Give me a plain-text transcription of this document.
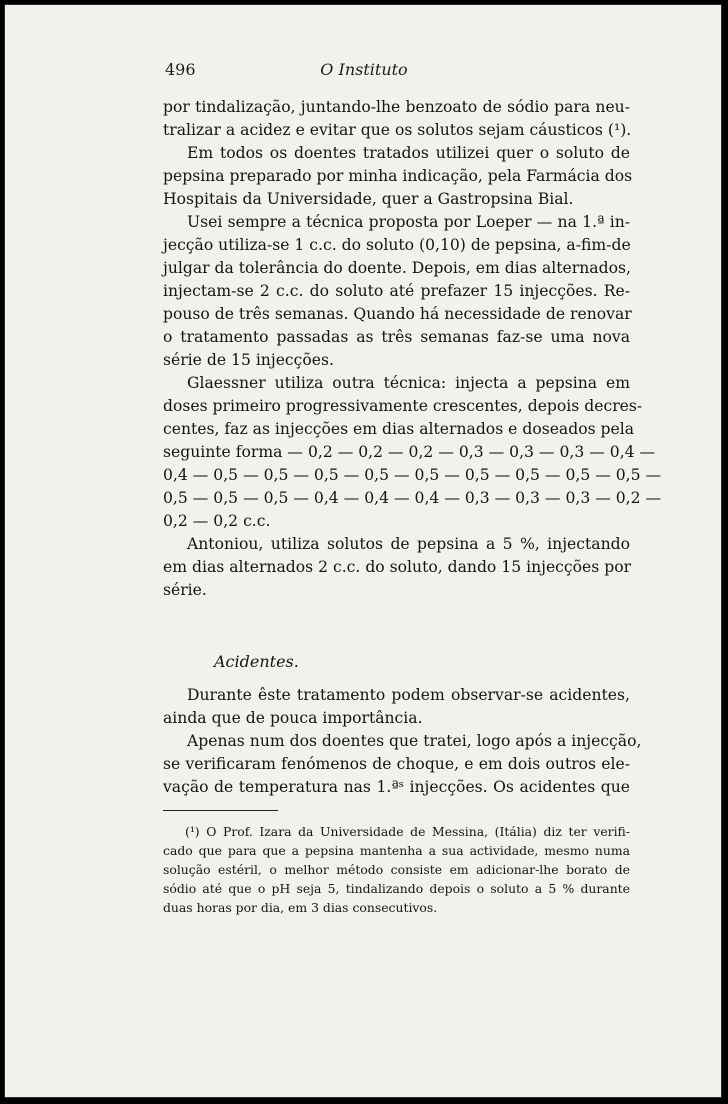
496	O Instituto
por tindalização, juntando-lhe benzoato de sódio para neu-
tralizar a acidez e evitar que os solutos sejam cáusticos (¹).
Em todos os doentes tratados utilizei quer o soluto de
pepsina preparado por minha indicação, pela Farmácia dos
Hospitais da Universidade, quer a Gastropsina Bial.
Usei sempre a técnica proposta por Loeper — na 1.ª in-
jecção utiliza-se 1 c.c. do soluto (0,10) de pepsina, a-fim-de
julgar da tolerância do doente. Depois, em dias alternados,
injectam-se 2 c.c. do soluto até prefazer 15 injecções. Re-
pouso de três semanas. Quando há necessidade de renovar
o tratamento passadas as três semanas faz-se uma nova
série de 15 injecções.
Glaessner utiliza outra técnica: injecta a pepsina em
doses primeiro progressivamente crescentes, depois decres-
centes, faz as injecções em dias alternados e doseados pela
seguinte forma — 0,2 — 0,2 — 0,2 — 0,3 — 0,3 — 0,3 — 0,4 —
0,4 — 0,5 — 0,5 — 0,5 — 0,5 — 0,5 — 0,5 — 0,5 — 0,5 — 0,5 —
0,5 — 0,5 — 0,5 — 0,4 — 0,4 — 0,4 — 0,3 — 0,3 — 0,3 — 0,2 —
0,2 — 0,2 c.c.
Antoniou, utiliza solutos de pepsina a 5 %, injectando
em dias alternados 2 c.c. do soluto, dando 15 injecções por
série.
Acidentes.
Durante êste tratamento podem observar-se acidentes,
ainda que de pouca importância.
Apenas num dos doentes que tratei, logo após a injecção,
se verificaram fenómenos de choque, e em dois outros ele-
vação de temperatura nas 1.ªˢ injecções. Os acidentes que
(¹) O Prof. Izara da Universidade de Messina, (Itália) diz ter verifi-
cado que para que a pepsina mantenha a sua actividade, mesmo numa
solução estéril, o melhor método consiste em adicionar-lhe borato de
sódio até que o pH seja 5, tindalizando depois o soluto a 5 % durante
duas horas por dia, em 3 dias consecutivos.
